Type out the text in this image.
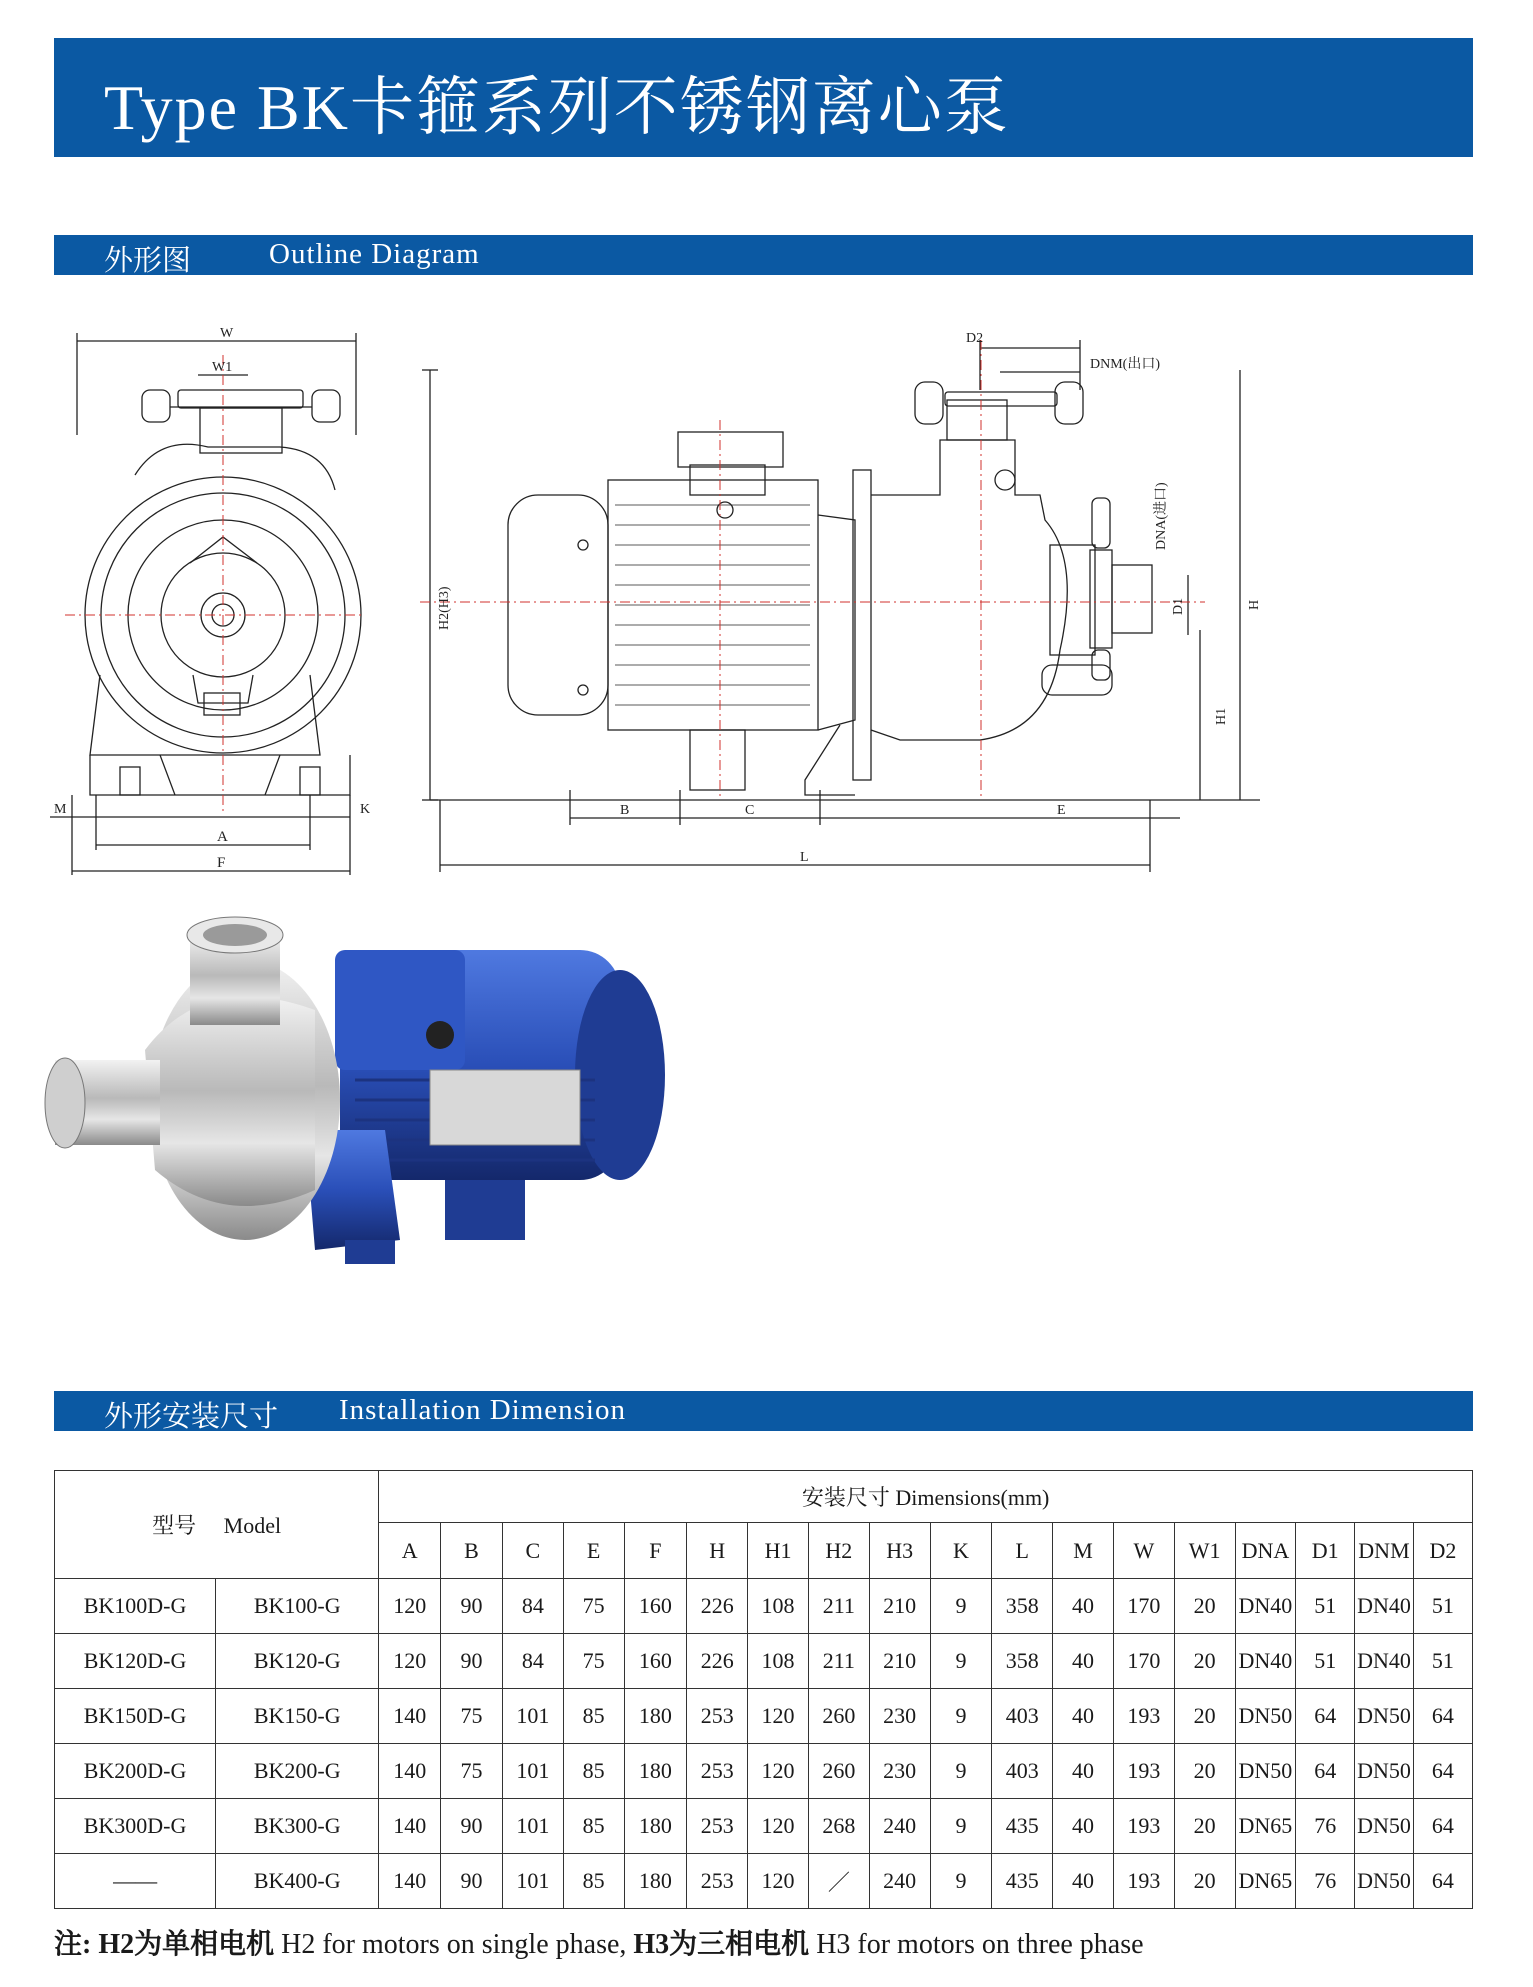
Type BK卡箍系列不锈钢离心泵
外形图	Outline Diagram
W
W1
M	K
A
F
D2
DNM(出口)
DNA(进口)
D1	H
H1
H2(H3)
B	C	E
L
外形安装尺寸 Installation Dimension
型号 Model		安装尺寸 Dimensions(mm)																	
		A	B	C	E	F	H	H1	H2	H3	K	L	M	W	W1	DNA	D1	DNM	D2
BK100D-G	BK100-G	120	90	84	75	160	226	108	211	210	9	358	40	170	20	DN40	51	DN40	51
BK120D-G	BK120-G	120	90	84	75	160	226	108	211	210	9	358	40	170	20	DN40	51	DN40	51
BK150D-G	BK150-G	140	75	101	85	180	253	120	260	230	9	403	40	193	20	DN50	64	DN50	64
BK200D-G	BK200-G	140	75	101	85	180	253	120	260	230	9	403	40	193	20	DN50	64	DN50	64
BK300D-G	BK300-G	140	90	101	85	180	253	120	268	240	9	435	40	193	20	DN65	76	DN50	64
——	BK400-G	140	90	101	85	180	253	120	／	240	9	435	40	193	20	DN65	76	DN50	64
注: H2为单相电机 H2 for motors on single phase, H3为三相电机 H3 for motors on three phase
